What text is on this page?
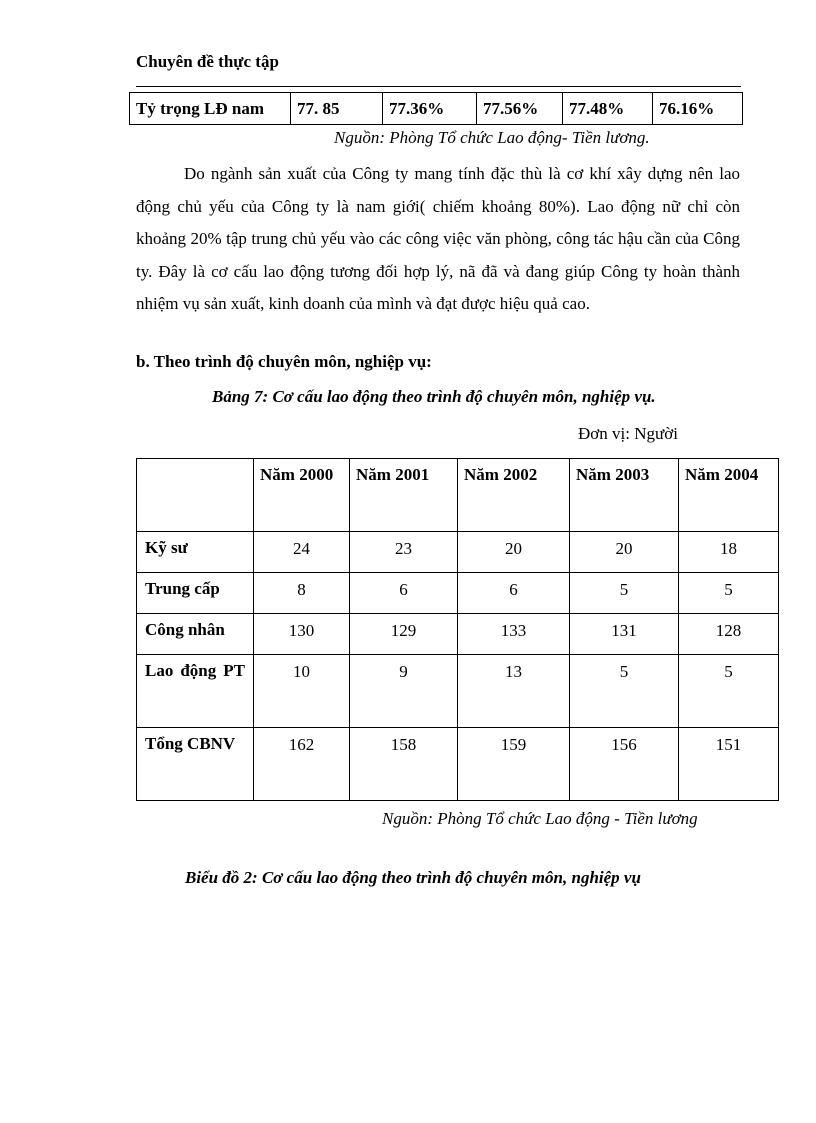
Chuyên đề thực tập
Tỷ trọng LĐ nam	77. 85	77.36%	77.56%	77.48%	76.16%
Nguồn: Phòng Tổ chức Lao động- Tiền lương.

Do ngành sản xuất của Công ty mang tính đặc thù là cơ khí xây dựng nên lao động chủ yếu của Công ty là nam giới( chiếm khoảng 80%). Lao động nữ chỉ còn khoảng 20% tập trung chủ yếu vào các công việc văn phòng, công tác hậu cần của Công ty. Đây là cơ cấu lao động tương đối hợp lý, nã đã và đang giúp Công ty hoàn thành nhiệm vụ sản xuất, kinh doanh của mình và đạt được hiệu quả cao.

b. Theo trình độ chuyên môn, nghiệp vụ:
Bảng 7: Cơ cấu lao động theo trình độ chuyên môn, nghiệp vụ.
Đơn vị: Người
	Năm 2000	Năm 2001	Năm 2002	Năm 2003	Năm 2004
Kỹ sư	24	23	20	20	18
Trung cấp	8	6	6	5	5
Công nhân	130	129	133	131	128
Lao động PT	10	9	13	5	5
Tổng CBNV	162	158	159	156	151
Nguồn: Phòng Tổ chức Lao động - Tiền lương
Biểu đồ 2: Cơ cấu lao động theo trình độ chuyên môn, nghiệp vụ
